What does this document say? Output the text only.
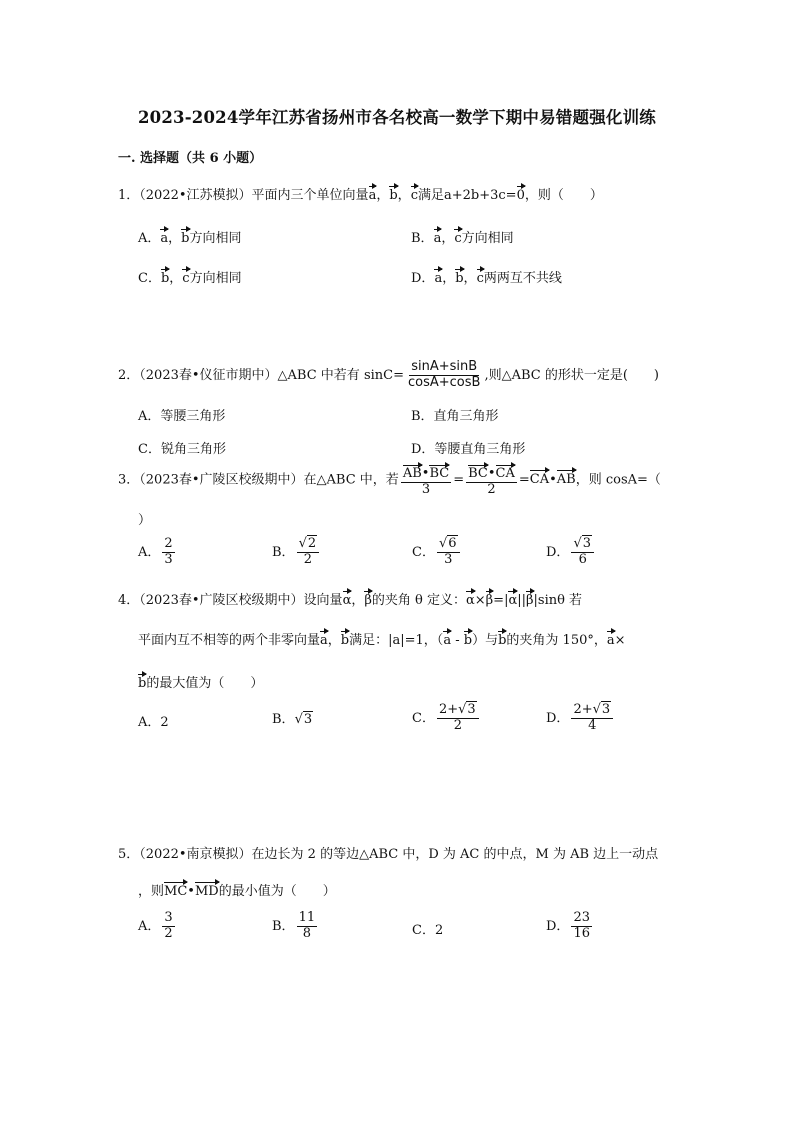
2023-2024学年江苏省扬州市各名校高一数学下期中易错题强化训练
一. 选择题（共 6 小题）
1．（2022•江苏模拟）平面内三个单位向量a，b，c满足a+2b+3c=0，则（　　）
A．a，b方向相同	B．a，c方向相同
C．b，c方向相同	D．a，b，c两两互不共线
2．（2023春•仪征市期中）△ABC 中若有 $\sin C= \frac{\sin A+\sin B}{\cos A+\cos B}$ ,则△ABC 的形状一定是(　　)
A．等腰三角形	B．直角三角形
C．锐角三角形	D．等腰直角三角形
3．（2023春•广陵区校级期中）在△ABC 中，若 $\frac{AB•BC}{3} = \frac{BC•CA}{2}$ =CA•AB，则 cosA=（
）
A． $\frac{2}{3}$	B． $\frac{√2}{2}$	C． $\frac{√6}{3}$	D． $\frac{√3}{6}$
4．（2023春•广陵区校级期中）设向量α，β的夹角 θ 定义：α×β=|α||β|sinθ 若
平面内互不相等的两个非零向量a，b满足：|a|=1，（a - b）与b的夹角为 150°，a×
b的最大值为（　　）
A．2	B．√3	C． $\frac{2+√3}{2}$	D． $\frac{2+√3}{4}$
5．（2022•南京模拟）在边长为 2 的等边△ABC 中，D 为 AC 的中点，M 为 AB 边上一动点
，则MC•MD的最小值为（　　）
A． $\frac{3}{2}$	B． $\frac{11}{8}$	C．2	D． $\frac{23}{16}$
